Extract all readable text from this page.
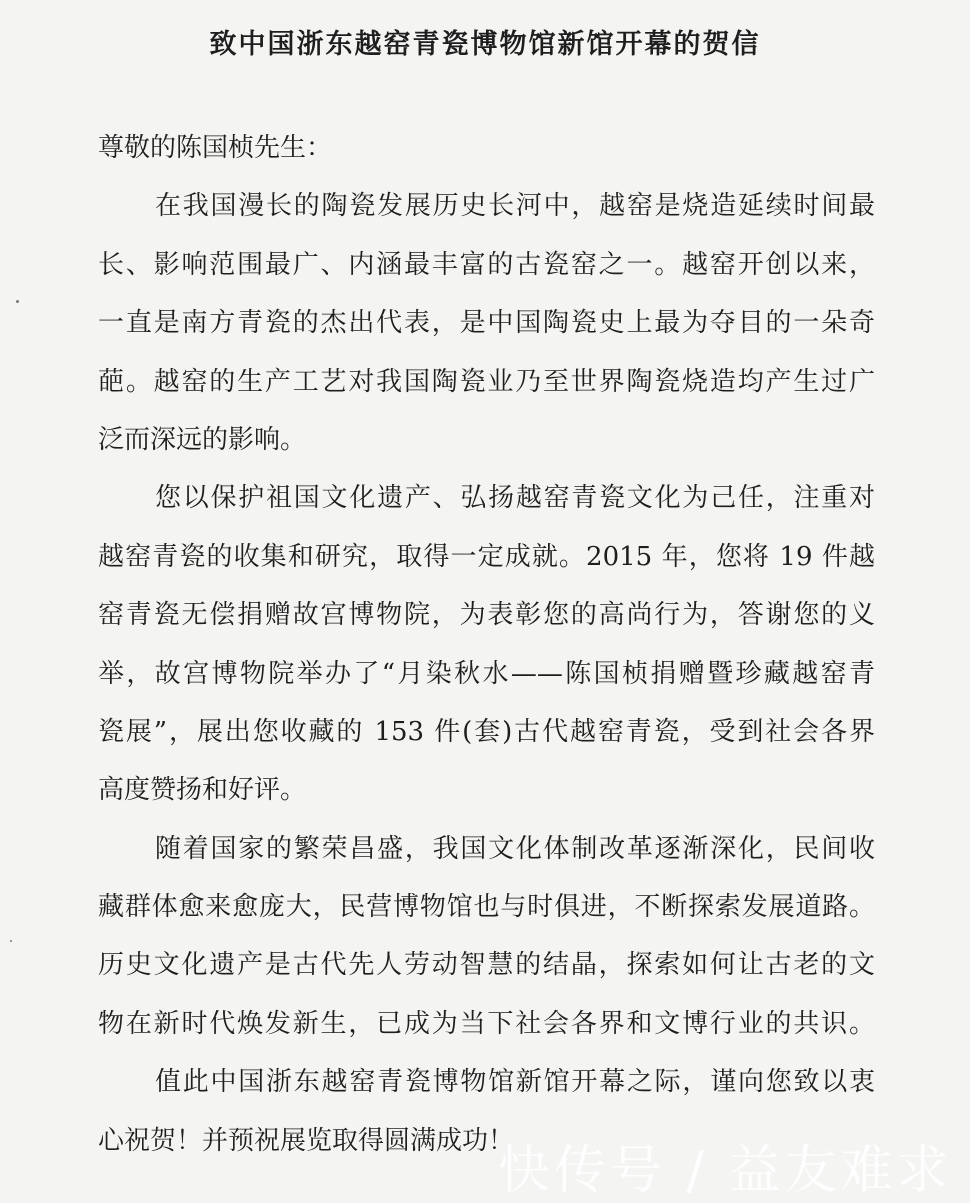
致中国浙东越窑青瓷博物馆新馆开幕的贺信
尊敬的陈国桢先生：
在我国漫长的陶瓷发展历史长河中，越窑是烧造延续时间最
长、影响范围最广、内涵最丰富的古瓷窑之一。越窑开创以来，
一直是南方青瓷的杰出代表，是中国陶瓷史上最为夺目的一朵奇
葩。越窑的生产工艺对我国陶瓷业乃至世界陶瓷烧造均产生过广
泛而深远的影响。
您以保护祖国文化遗产、弘扬越窑青瓷文化为己任，注重对
越窑青瓷的收集和研究，取得一定成就。2015 年，您将 19 件越
窑青瓷无偿捐赠故宫博物院，为表彰您的高尚行为，答谢您的义
举，故宫博物院举办了“月染秋水——陈国桢捐赠暨珍藏越窑青
瓷展”，展出您收藏的 153 件(套)古代越窑青瓷，受到社会各界
高度赞扬和好评。
随着国家的繁荣昌盛，我国文化体制改革逐渐深化，民间收
藏群体愈来愈庞大，民营博物馆也与时俱进，不断探索发展道路。
历史文化遗产是古代先人劳动智慧的结晶，探索如何让古老的文
物在新时代焕发新生，已成为当下社会各界和文博行业的共识。
值此中国浙东越窑青瓷博物馆新馆开幕之际，谨向您致以衷
心祝贺！并预祝展览取得圆满成功！
快传号 / 益友难求
